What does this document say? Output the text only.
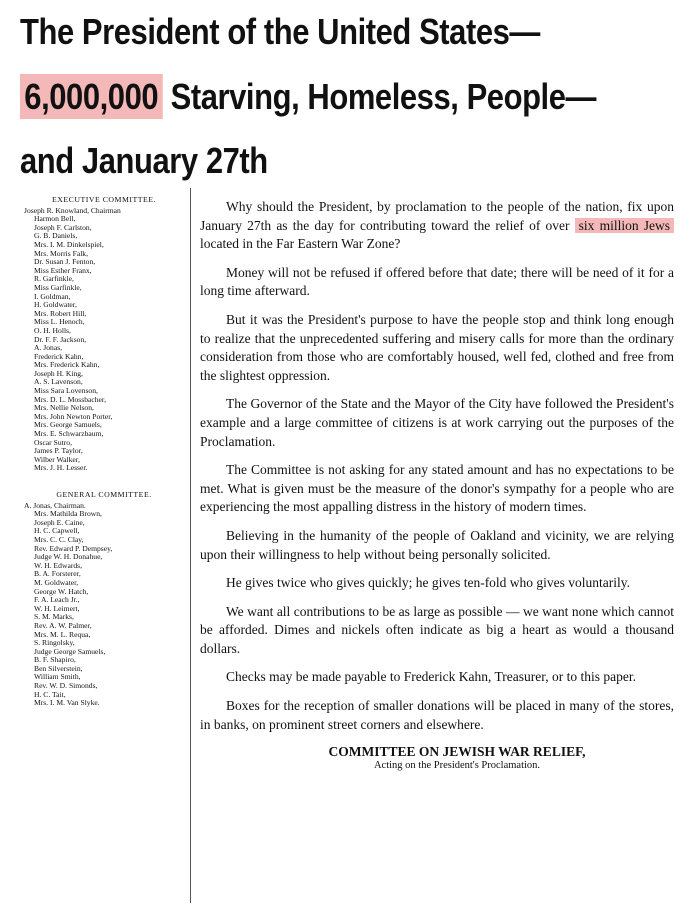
The President of the United States—
6,000,000 Starving, Homeless, People—
and January 27th
EXECUTIVE COMMITTEE.
Joseph R. Knowland, Chairman
Harmon Bell,
Joseph F. Carlston,
G. B. Daniels,
Mrs. I. M. Dinkelspiel,
Mrs. Morris Falk,
Dr. Susan J. Fenton,
Miss Esther Franx,
R. Garfinkle,
Miss Garfinkle,
I. Goldman,
H. Goldwater,
Mrs. Robert Hill,
Miss L. Henoch,
O. H. Holls,
Dr. F. F. Jackson,
A. Jonas,
Frederick Kahn,
Mrs. Frederick Kahn,
Joseph H. King,
A. S. Lavenson,
Miss Sara Lovenson,
Mrs. D. L. Mossbacher,
Mrs. Nellie Nelson,
Mrs. John Newton Porter,
Mrs. George Samuels,
Mrs. E. Schwarzbaum,
Oscar Sutro,
James P. Taylor,
Wilber Walker,
Mrs. J. H. Lesser.
GENERAL COMMITTEE.
A. Jonas, Chairman.
Mrs. Mathilda Brown,
Joseph E. Caine,
H. C. Capwell,
Mrs. C. C. Clay,
Rev. Edward P. Dempsey,
Judge W. H. Donahue,
W. H. Edwards,
B. A. Forsterer,
M. Goldwater,
George W. Hatch,
F. A. Leach Jr.,
W. H. Leimert,
S. M. Marks,
Rev. A. W. Palmer,
Mrs. M. L. Requa,
S. Ringolsky,
Judge George Samuels,
B. F. Shapiro,
Ben Silverstein,
William Smith,
Rev. W. D. Simonds,
H. C. Tait,
Mrs. I. M. Van Slyke.

Why should the President, by proclamation to the people of the nation, fix upon January 27th as the day for contributing toward the relief of over six million Jews located in the Far Eastern War Zone?

Money will not be refused if offered before that date; there will be need of it for a long time afterward.

But it was the President's purpose to have the people stop and think long enough to realize that the unprecedented suffering and misery calls for more than the ordinary consideration from those who are comfortably housed, well fed, clothed and free from the slightest oppression.

The Governor of the State and the Mayor of the City have followed the President's example and a large committee of citizens is at work carrying out the purposes of the Proclamation.

The Committee is not asking for any stated amount and has no expectations to be met. What is given must be the measure of the donor's sympathy for a people who are experiencing the most appalling distress in the history of modern times.

Believing in the humanity of the people of Oakland and vicinity, we are relying upon their willingness to help without being personally solicited.

He gives twice who gives quickly; he gives ten-fold who gives voluntarily.

We want all contributions to be as large as possible — we want none which cannot be afforded. Dimes and nickels often indicate as big a heart as would a thousand dollars.

Checks may be made payable to Frederick Kahn, Treasurer, or to this paper.

Boxes for the reception of smaller donations will be placed in many of the stores, in banks, on prominent street corners and elsewhere.

COMMITTEE ON JEWISH WAR RELIEF,
Acting on the President's Proclamation.
